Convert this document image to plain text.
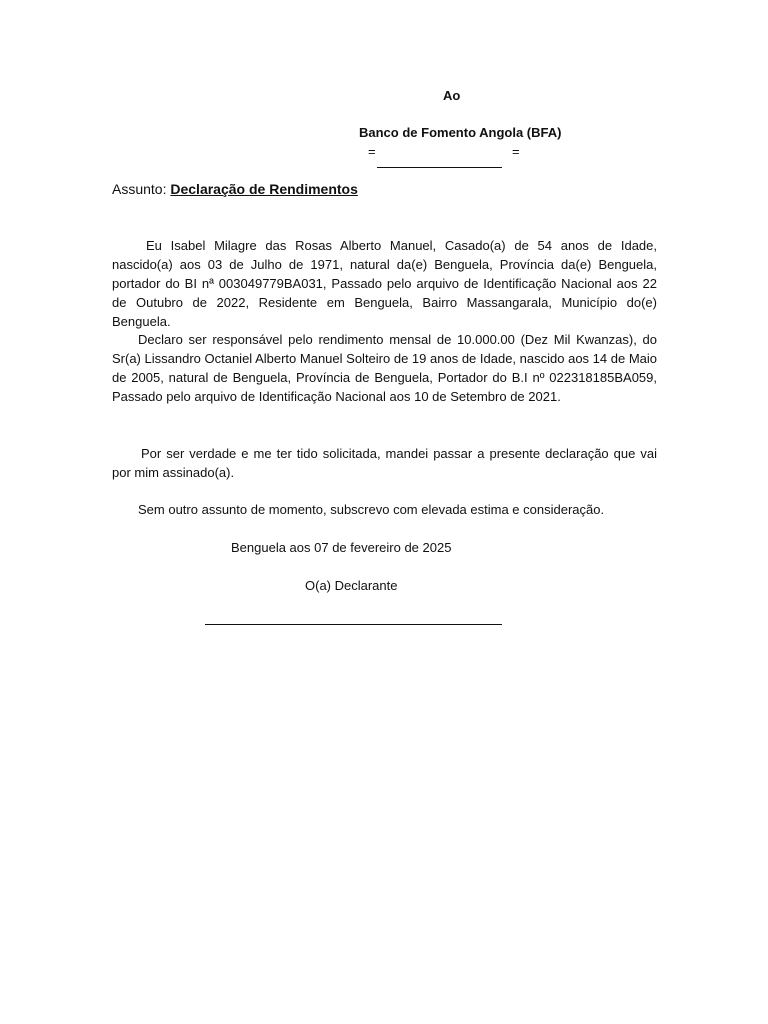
Ao
Banco de Fomento Angola (BFA)
=	=
Assunto: Declaração de Rendimentos

Eu Isabel Milagre das Rosas Alberto Manuel, Casado(a) de 54 anos de Idade, nascido(a) aos 03 de Julho de 1971, natural da(e) Benguela, Província da(e) Benguela, portador do BI nª 003049779BA031, Passado pelo arquivo de Identificação Nacional aos 22 de Outubro de 2022, Residente em Benguela, Bairro Massangarala, Município do(e) Benguela.

Declaro ser responsável pelo rendimento mensal de 10.000.00 (Dez Mil Kwanzas), do Sr(a) Lissandro Octaniel Alberto Manuel Solteiro de 19 anos de Idade, nascido aos 14 de Maio de 2005, natural de Benguela, Província de Benguela, Portador do B.I nº 022318185BA059, Passado pelo arquivo de Identificação Nacional aos 10 de Setembro de 2021.

Por ser verdade e me ter tido solicitada, mandei passar a presente declaração que vai por mim assinado(a).

Sem outro assunto de momento, subscrevo com elevada estima e consideração.

Benguela aos 07 de fevereiro de 2025
O(a) Declarante
